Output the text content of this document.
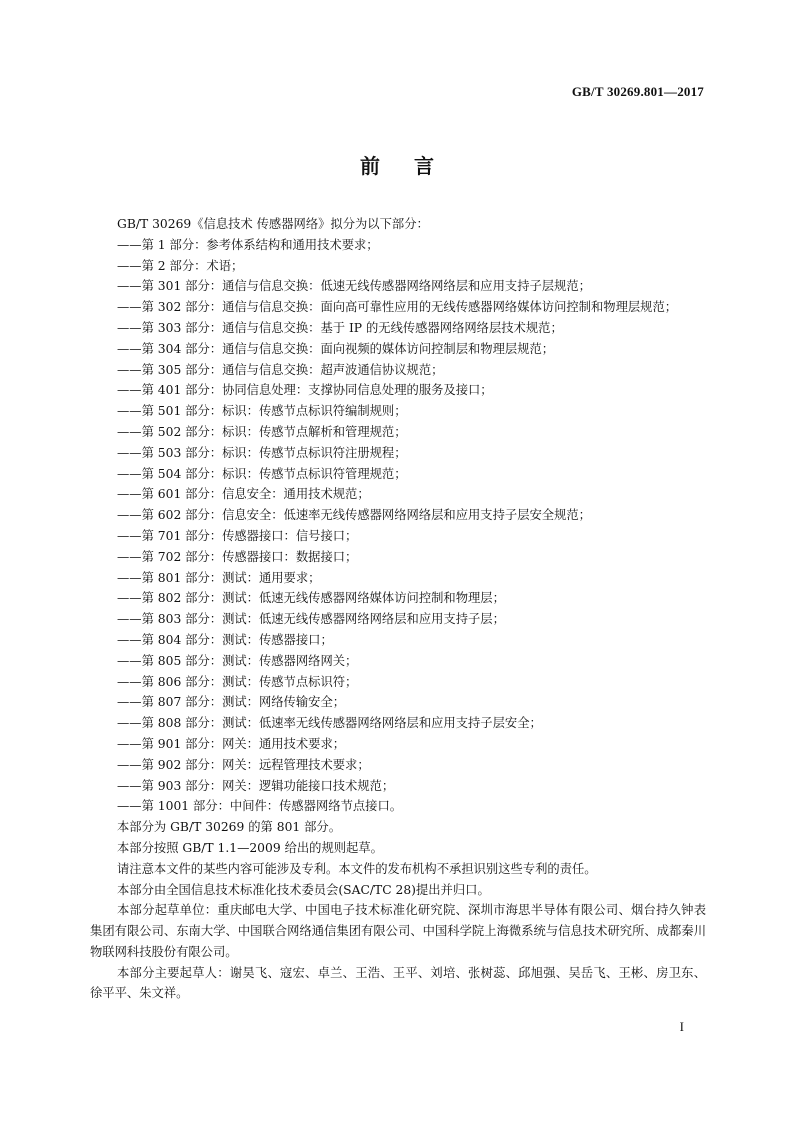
GB/T 30269.801—2017
前言

GB/T 30269《信息技术 传感器网络》拟分为以下部分：

——第 1 部分：参考体系结构和通用技术要求；

——第 2 部分：术语；

——第 301 部分：通信与信息交换：低速无线传感器网络网络层和应用支持子层规范；

——第 302 部分：通信与信息交换：面向高可靠性应用的无线传感器网络媒体访问控制和物理层规范；

——第 303 部分：通信与信息交换：基于 IP 的无线传感器网络网络层技术规范；

——第 304 部分：通信与信息交换：面向视频的媒体访问控制层和物理层规范；

——第 305 部分：通信与信息交换：超声波通信协议规范；

——第 401 部分：协同信息处理：支撑协同信息处理的服务及接口；

——第 501 部分：标识：传感节点标识符编制规则；

——第 502 部分：标识：传感节点解析和管理规范；

——第 503 部分：标识：传感节点标识符注册规程；

——第 504 部分：标识：传感节点标识符管理规范；

——第 601 部分：信息安全：通用技术规范；

——第 602 部分：信息安全：低速率无线传感器网络网络层和应用支持子层安全规范；

——第 701 部分：传感器接口：信号接口；

——第 702 部分：传感器接口：数据接口；

——第 801 部分：测试：通用要求；

——第 802 部分：测试：低速无线传感器网络媒体访问控制和物理层；

——第 803 部分：测试：低速无线传感器网络网络层和应用支持子层；

——第 804 部分：测试：传感器接口；

——第 805 部分：测试：传感器网络网关；

——第 806 部分：测试：传感节点标识符；

——第 807 部分：测试：网络传输安全；

——第 808 部分：测试：低速率无线传感器网络网络层和应用支持子层安全；

——第 901 部分：网关：通用技术要求；

——第 902 部分：网关：远程管理技术要求；

——第 903 部分：网关：逻辑功能接口技术规范；

——第 1001 部分：中间件：传感器网络节点接口。

本部分为 GB/T 30269 的第 801 部分。

本部分按照 GB/T 1.1—2009 给出的规则起草。

请注意本文件的某些内容可能涉及专利。本文件的发布机构不承担识别这些专利的责任。

本部分由全国信息技术标准化技术委员会(SAC/TC 28)提出并归口。

本部分起草单位：重庆邮电大学、中国电子技术标准化研究院、深圳市海思半导体有限公司、烟台持久钟表集团有限公司、东南大学、中国联合网络通信集团有限公司、中国科学院上海微系统与信息技术研究所、成都秦川物联网科技股份有限公司。

本部分主要起草人：谢昊飞、寇宏、卓兰、王浩、王平、刘培、张树蕊、邱旭强、吴岳飞、王彬、房卫东、徐平平、朱文祥。

I
